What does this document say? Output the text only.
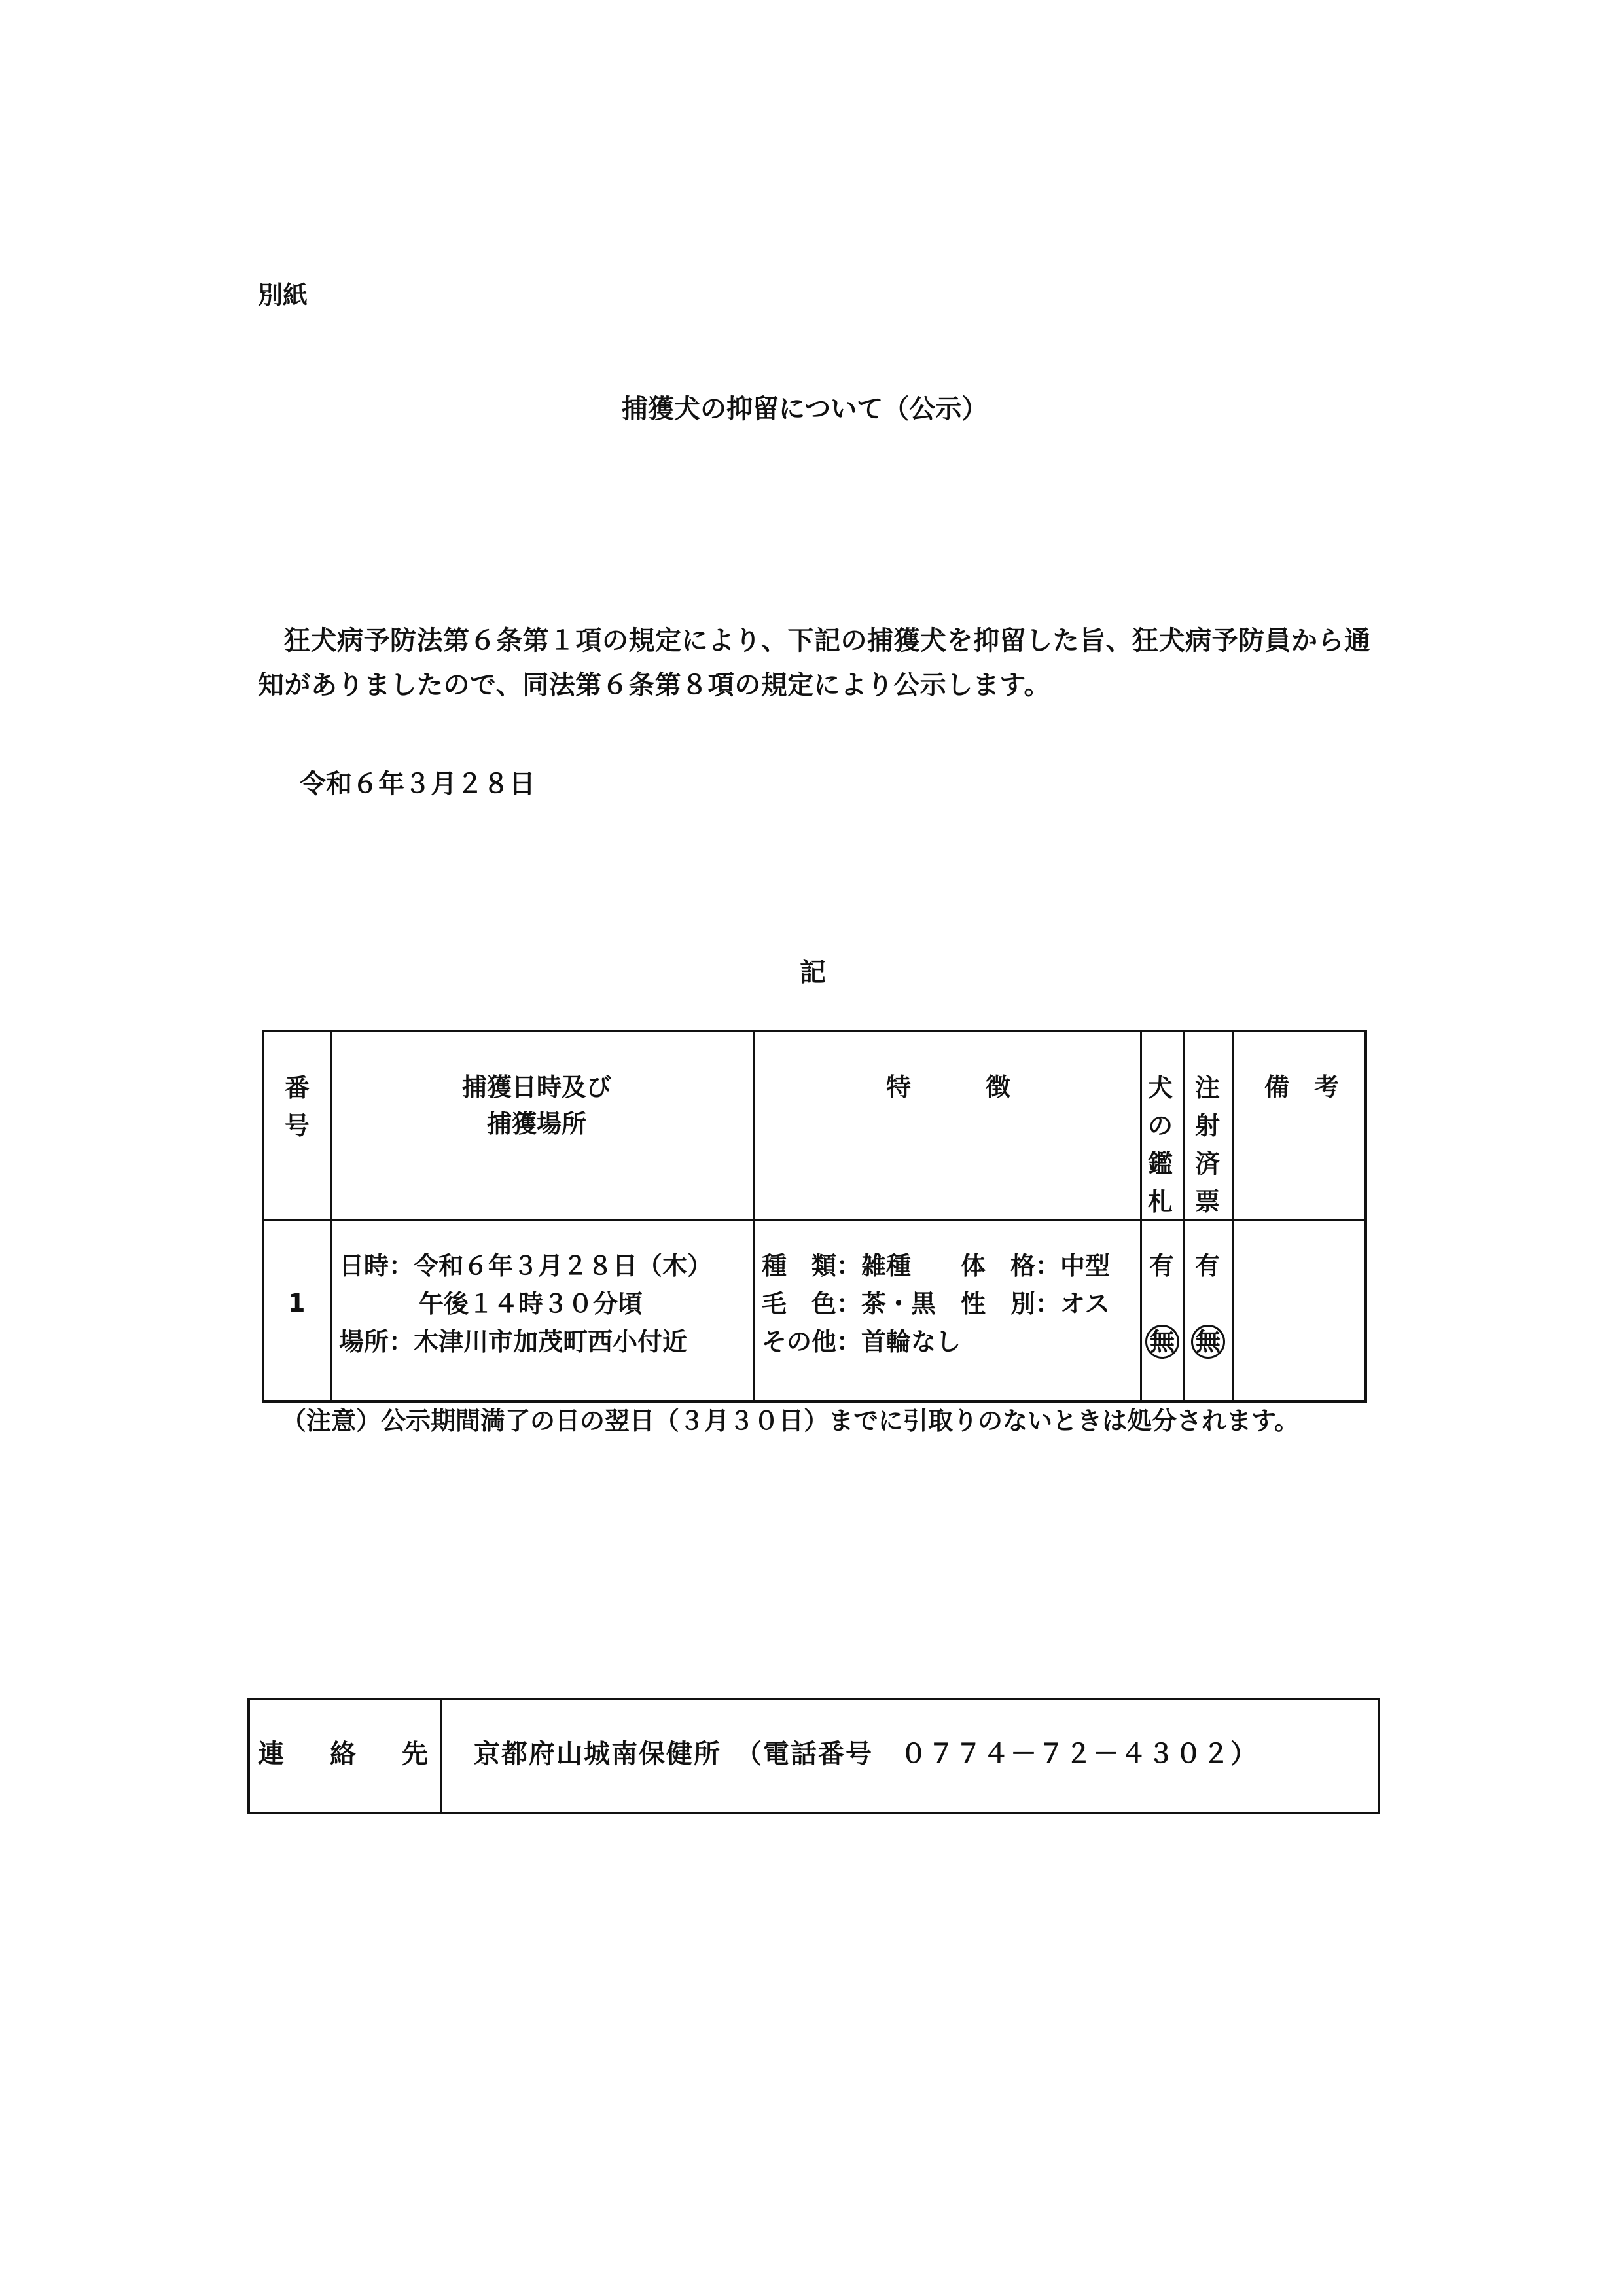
別紙
捕獲犬の抑留について（公示）
狂犬病予防法第６条第１項の規定により、下記の捕獲犬を抑留した旨、狂犬病予防員から通知がありましたので、同法第６条第８項の規定により公示します。
令和６年３月２８日
記
番号
捕獲日時及び
捕獲場所
特　　　徴	犬の鑑札
注射済票
備　考
1
日時：令和６年３月２８日（木）
午後１４時３０分頃
場所：木津川市加茂町西小付近
種　類：雑種　　体　格：中型
毛　色：茶・黒　性　別：オス
その他：首輪なし
有
無
有
無
（注意）公示期間満了の日の翌日（３月３０日）までに引取りのないときは処分されます。
連絡先 京都府山城南保健所　（電話番号　０７７４－７２－４３０２）
